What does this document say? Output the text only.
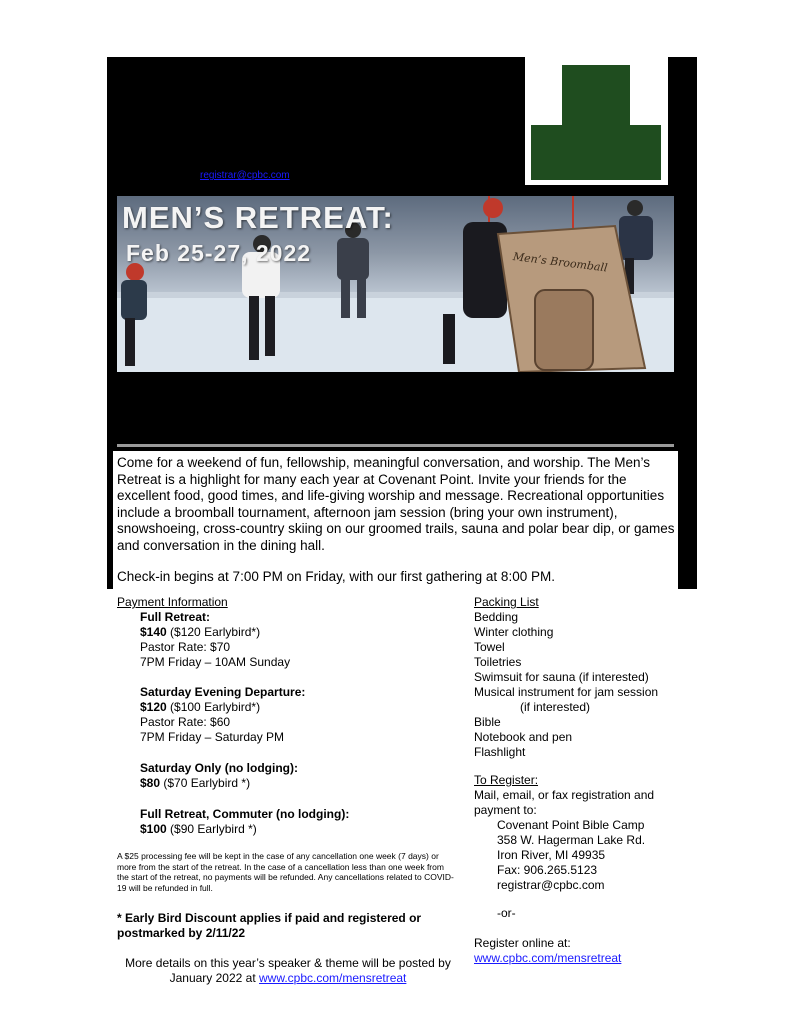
registrar@cpbc.com
MEN’S RETREAT:
Feb 25-27, 2022	Men’s Broomball
Come for a weekend of fun, fellowship, meaningful conversation, and worship. The Men’s Retreat is a highlight for many each year at Covenant Point. Invite your friends for the excellent food, good times, and life-giving worship and message. Recreational opportunities include a broomball tournament, afternoon jam session (bring your own instrument), snowshoeing, cross-country skiing on our groomed trails, sauna and polar bear dip, or games and conversation in the dining hall.
Check-in begins at 7:00 PM on Friday, with our first gathering at 8:00 PM.
Payment Information
Full Retreat:
$140 ($120 Earlybird*)
Pastor Rate: $70
7PM Friday – 10AM Sunday
Saturday Evening Departure:
$120 ($100 Earlybird*)
Pastor Rate: $60
7PM Friday – Saturday PM
Saturday Only (no lodging):
$80 ($70 Earlybird *)
Full Retreat, Commuter (no lodging):
$100 ($90 Earlybird *)
A $25 processing fee will be kept in the case of any cancellation one week (7 days) or more from the start of the retreat. In the case of a cancellation less than one week from the start of the retreat, no payments will be refunded. Any cancellations related to COVID-19 will be refunded in full.
* Early Bird Discount applies if paid and registered or postmarked by 2/11/22
More details on this year’s speaker & theme will be posted by January 2022 at www.cpbc.com/mensretreat
Packing List
Bedding
Winter clothing
Towel
Toiletries
Swimsuit for sauna (if interested)
Musical instrument for jam session
(if interested)
Bible
Notebook and pen
Flashlight
To Register:
Mail, email, or fax registration and payment to:
Covenant Point Bible Camp
358 W. Hagerman Lake Rd.
Iron River, MI 49935
Fax: 906.265.5123
registrar@cpbc.com
-or-
Register online at:
www.cpbc.com/mensretreat
